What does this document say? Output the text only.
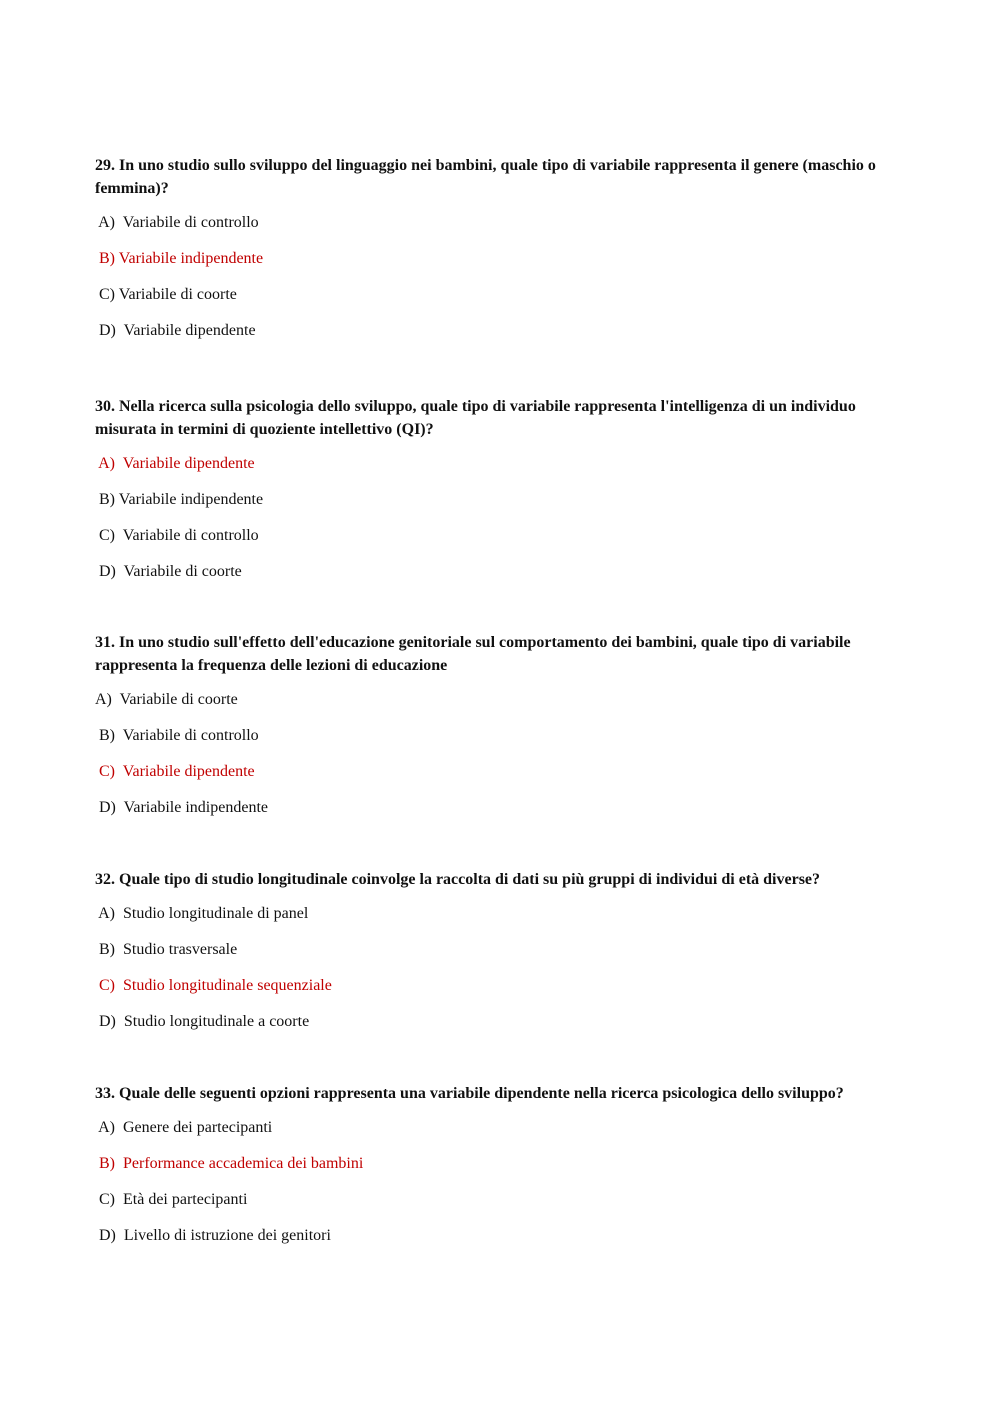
29. In uno studio sullo sviluppo del linguaggio nei bambini, quale tipo di variabile rappresenta il genere (maschio o femmina)?

A)  Variabile di controllo

B) Variabile indipendente

C) Variabile di coorte

D)  Variabile dipendente

30. Nella ricerca sulla psicologia dello sviluppo, quale tipo di variabile rappresenta l'intelligenza di un individuo misurata in termini di quoziente intellettivo (QI)?

A)  Variabile dipendente

B) Variabile indipendente

C)  Variabile di controllo

D)  Variabile di coorte

31. In uno studio sull'effetto dell'educazione genitoriale sul comportamento dei bambini, quale tipo di variabile rappresenta la frequenza delle lezioni di educazione

A)  Variabile di coorte

B)  Variabile di controllo

C)  Variabile dipendente

D)  Variabile indipendente

32. Quale tipo di studio longitudinale coinvolge la raccolta di dati su più gruppi di individui di età diverse?

A)  Studio longitudinale di panel

B)  Studio trasversale

C)  Studio longitudinale sequenziale

D)  Studio longitudinale a coorte

33. Quale delle seguenti opzioni rappresenta una variabile dipendente nella ricerca psicologica dello sviluppo?

A)  Genere dei partecipanti

B)  Performance accademica dei bambini

C)  Età dei partecipanti

D)  Livello di istruzione dei genitori
